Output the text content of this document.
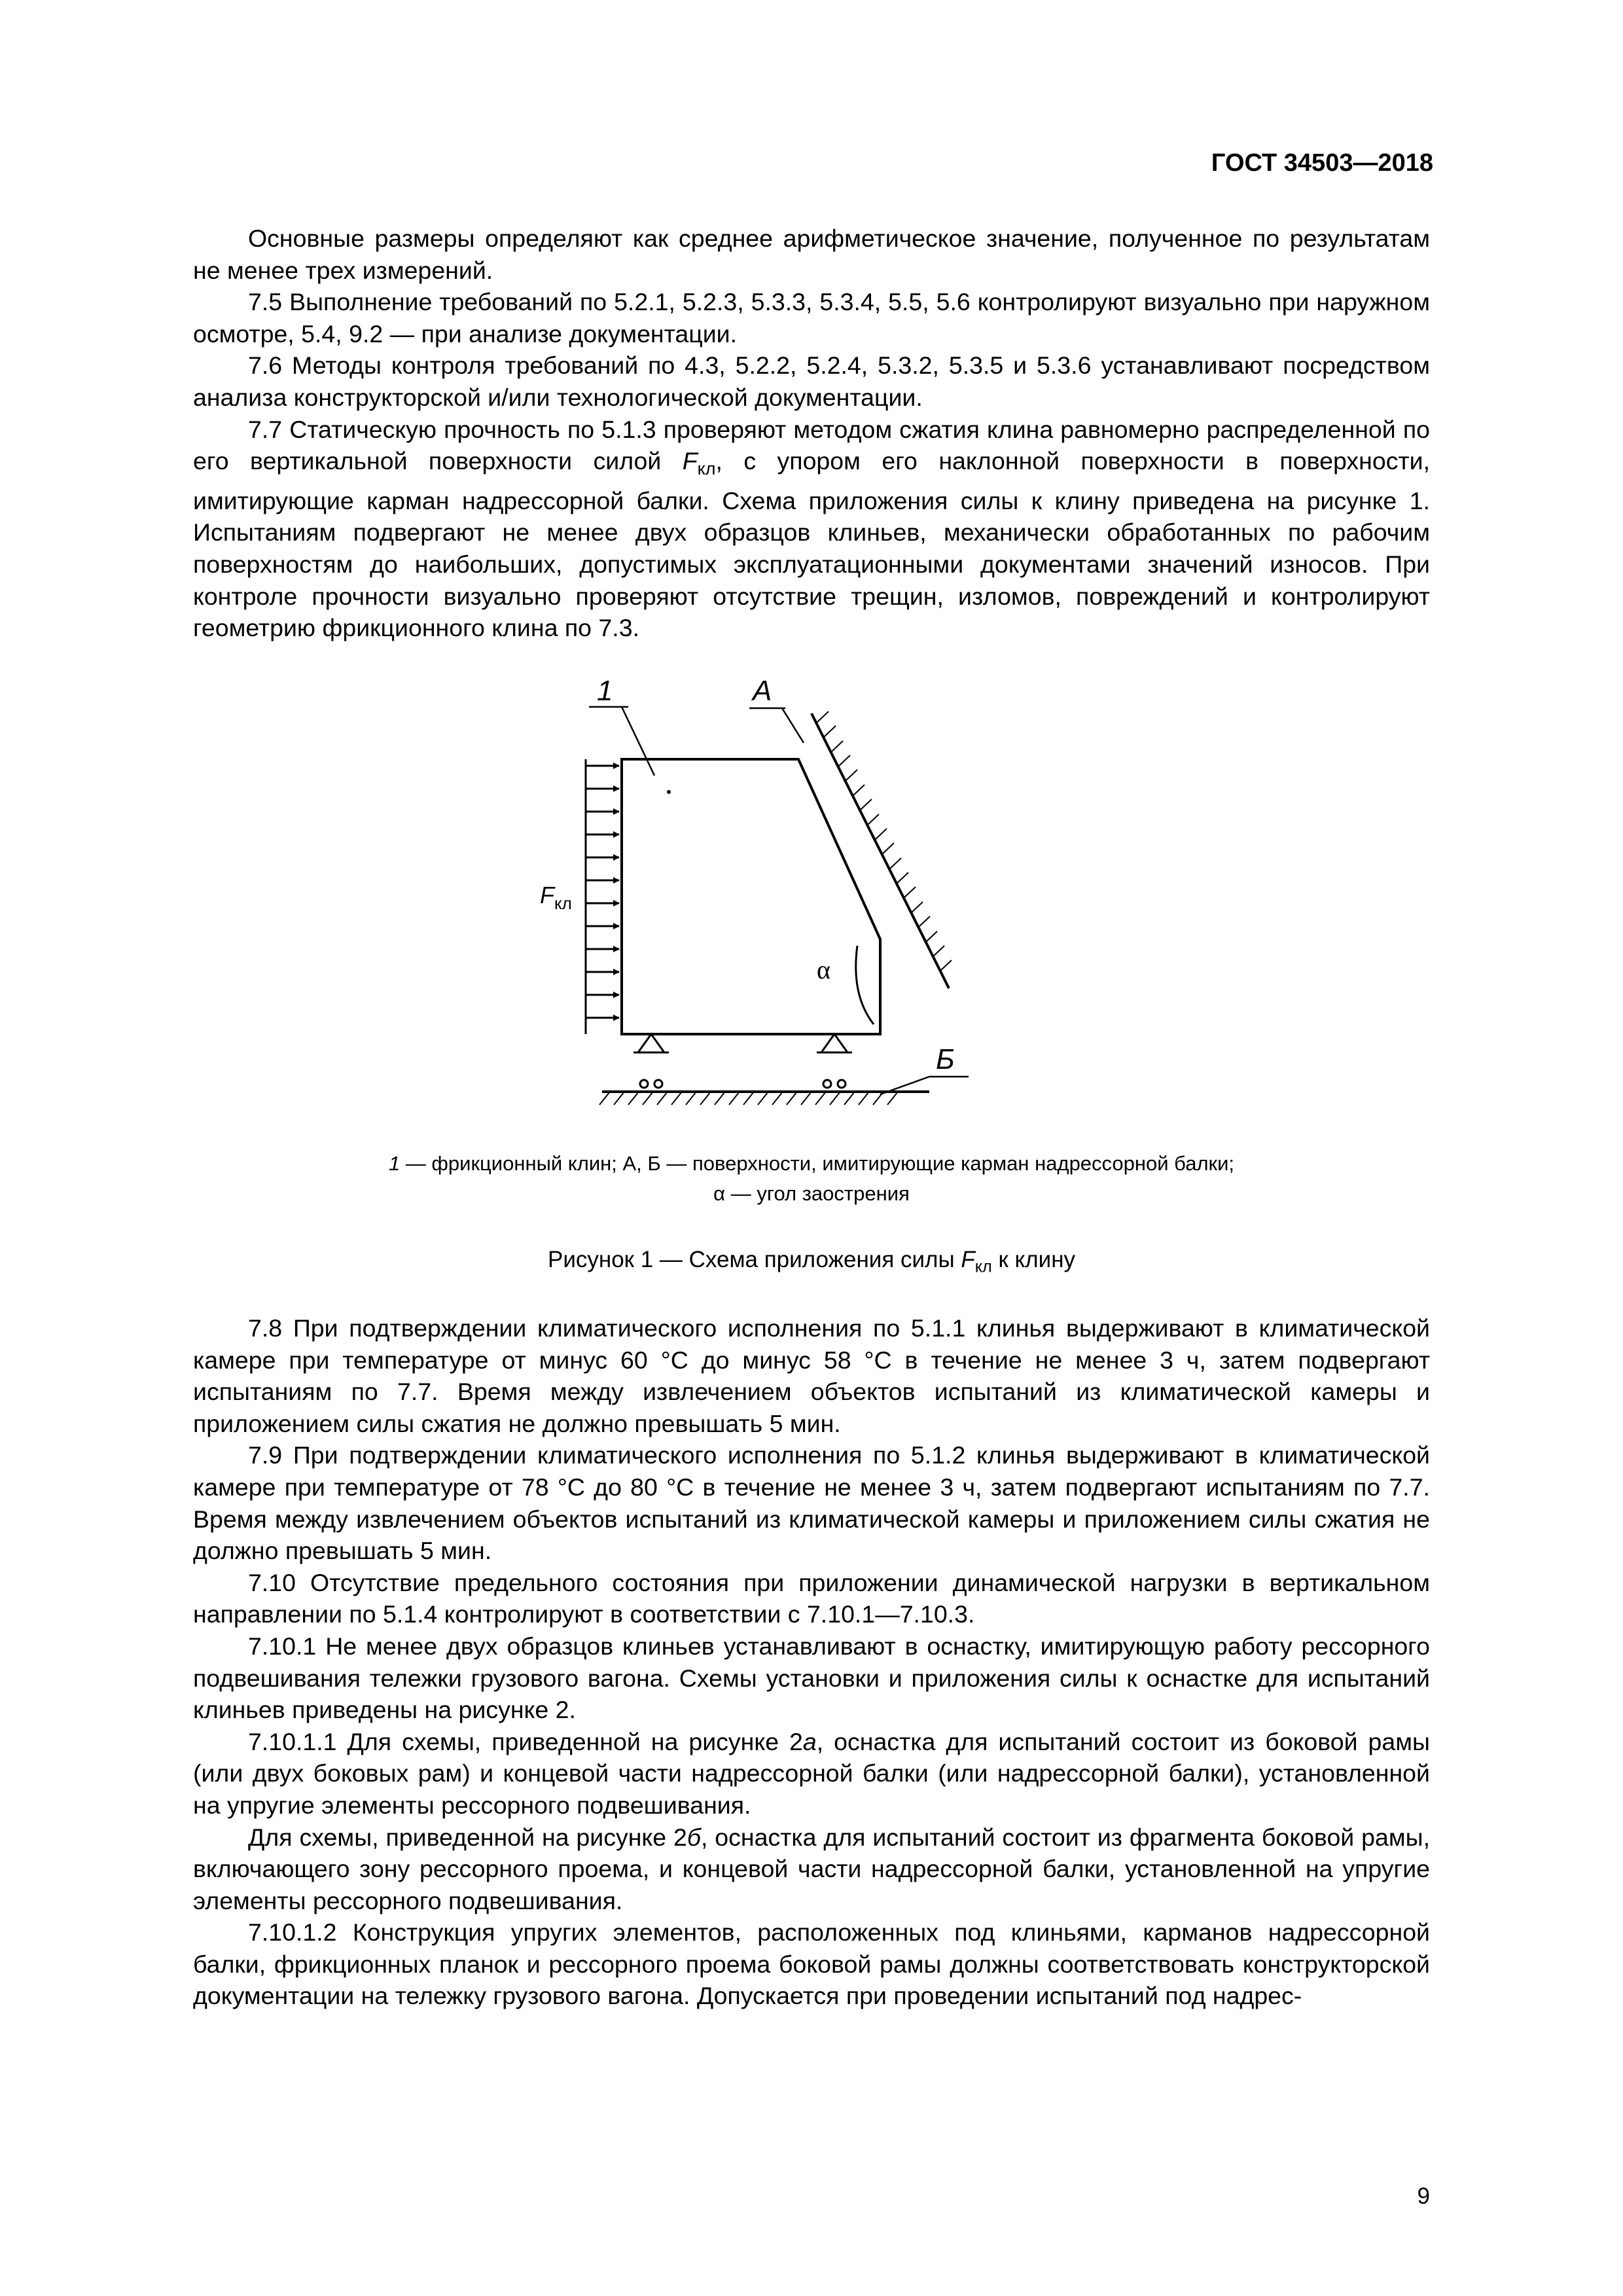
ГОСТ 34503—2018

Основные размеры определяют как среднее арифметическое значение, полученное по результатам не менее трех измерений.

7.5 Выполнение требований по 5.2.1, 5.2.3, 5.3.3, 5.3.4, 5.5, 5.6 контролируют визуально при наружном осмотре, 5.4, 9.2 — при анализе документации.

7.6 Методы контроля требований по 4.3, 5.2.2, 5.2.4, 5.3.2, 5.3.5 и 5.3.6 устанавливают посредством анализа конструкторской и/или технологической документации.

7.7 Статическую прочность по 5.1.3 проверяют методом сжатия клина равномерно распределенной по его вертикальной поверхности силой $F_{кл}$, с упором его наклонной поверхности в поверхности, имитирующие карман надрессорной балки. Схема приложения силы к клину приведена на рисунке 1. Испытаниям подвергают не менее двух образцов клиньев, механически обработанных по рабочим поверхностям до наибольших, допустимых эксплуатационными документами значений износов. При контроле прочности визуально проверяют отсутствие трещин, изломов, повреждений и контролируют геометрию фрикционного клина по 7.3.

1	А
Б
α
$F_{кл}$
1 — фрикционный клин; А, Б — поверхности, имитирующие карман надрессорной балки;
α — угол заострения
Рисунок 1 — Схема приложения силы $F_{кл}$ к клину

7.8 При подтверждении климатического исполнения по 5.1.1 клинья выдерживают в климатической камере при температуре от минус 60 °С до минус 58 °С в течение не менее 3 ч, затем подвергают испытаниям по 7.7. Время между извлечением объектов испытаний из климатической камеры и приложением силы сжатия не должно превышать 5 мин.

7.9 При подтверждении климатического исполнения по 5.1.2 клинья выдерживают в климатической камере при температуре от 78 °С до 80 °С в течение не менее 3 ч, затем подвергают испытаниям по 7.7. Время между извлечением объектов испытаний из климатической камеры и приложением силы сжатия не должно превышать 5 мин.

7.10 Отсутствие предельного состояния при приложении динамической нагрузки в вертикальном направлении по 5.1.4 контролируют в соответствии с 7.10.1—7.10.3.

7.10.1 Не менее двух образцов клиньев устанавливают в оснастку, имитирующую работу рессорного подвешивания тележки грузового вагона. Схемы установки и приложения силы к оснастке для испытаний клиньев приведены на рисунке 2.

7.10.1.1 Для схемы, приведенной на рисунке 2а, оснастка для испытаний состоит из боковой рамы (или двух боковых рам) и концевой части надрессорной балки (или надрессорной балки), установленной на упругие элементы рессорного подвешивания.

Для схемы, приведенной на рисунке 2б, оснастка для испытаний состоит из фрагмента боковой рамы, включающего зону рессорного проема, и концевой части надрессорной балки, установленной на упругие элементы рессорного подвешивания.

7.10.1.2 Конструкция упругих элементов, расположенных под клиньями, карманов надрессорной балки, фрикционных планок и рессорного проема боковой рамы должны соответствовать конструкторской документации на тележку грузового вагона. Допускается при проведении испытаний под надрес-

9
